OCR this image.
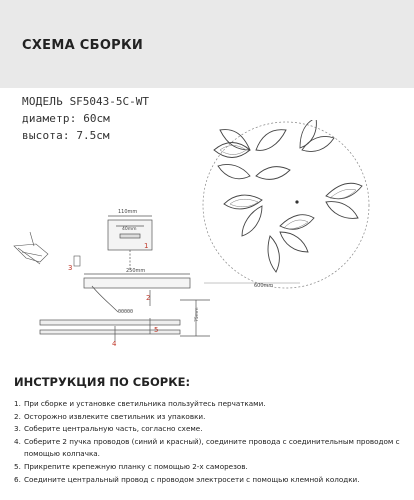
СХЕМА СБОРКИ
МОДЕЛЬ SF5043-5C-WT
диаметр: 60см
высота: 7.5см
600mm
110mm
40mm
250mm
75mm
00000
1
2
3
4
5
ИНСТРУКЦИЯ ПО СБОРКЕ:
1. При сборке и установке светильника пользуйтесь перчатками.
2. Осторожно извлеките светильник из упаковки.
3. Соберите центральную часть, согласно схеме.
4. Соберите 2 пучка проводов (синий и красный), соедините провода с соединительным проводом с помощью колпачка.
5. Прикрепите крепежную планку с помощью 2-х саморезов.
6. Соедините центральный провод с проводом электросети с помощью клемной колодки.
